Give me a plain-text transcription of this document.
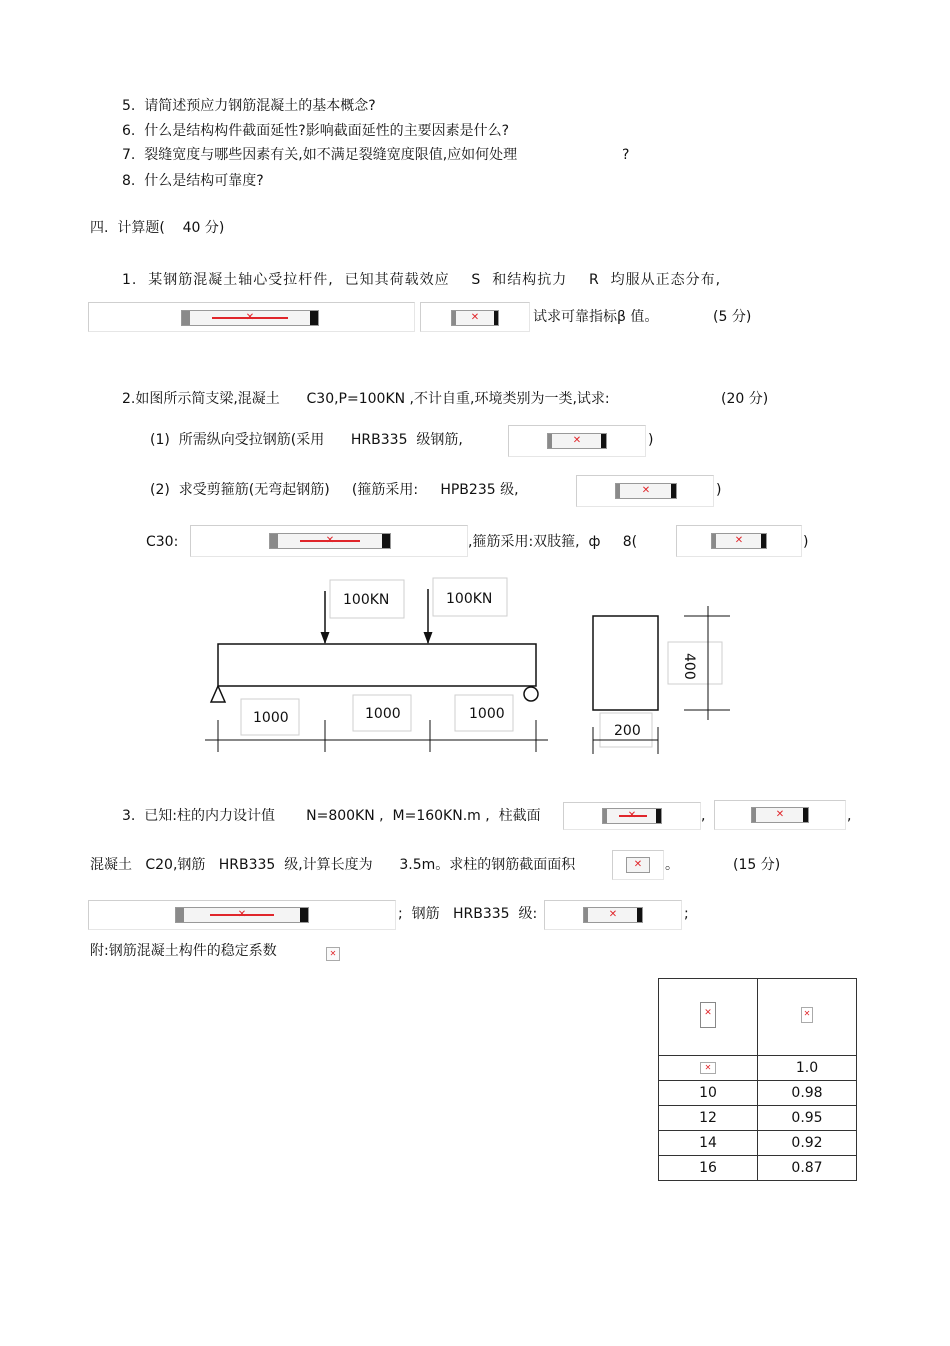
5.  请简述预应力钢筋混凝土的基本概念?
6.  什么是结构构件截面延性?影响截面延性的主要因素是什么?
7.  裂缝宽度与哪些因素有关,如不满足裂缝宽度限值,应如何处理	?
8.  什么是结构可靠度?
四.  计算题(    40 分)
1.  某钢筋混凝土轴心受拉杆件,  已知其荷载效应    S  和结构抗力    R  均服从正态分布,
✕	✕	试求可靠指标β 值。	(5 分)
2.如图所示简支梁,混凝土      C30,P=100KN ,不计自重,环境类别为一类,试求:	(20 分)
(1)  所需纵向受拉钢筋(采用      HRB335  级钢筋,	✕	)
(2)  求受剪箍筋(无弯起钢筋)     (箍筋采用:     HPB235 级,	✕	)
C30:	✕	,箍筋采用:双肢箍,  ф     8(	✕	)
100KN	100KN
1000	1000	1000
400
200
3.  已知:柱的内力设计值       N=800KN ,  M=160KN.m ,  柱截面	✕	,	✕	,
混凝土   C20,钢筋   HRB335  级,计算长度为      3.5m。求柱的钢筋截面面积	✕ 。	(15 分)
✕	;  钢筋   HRB335  级:	✕	;
附:钢筋混凝土构件的稳定系数	✕
✕	✕

✕	1.0
10	0.98
12	0.95
14	0.92
16	0.87
